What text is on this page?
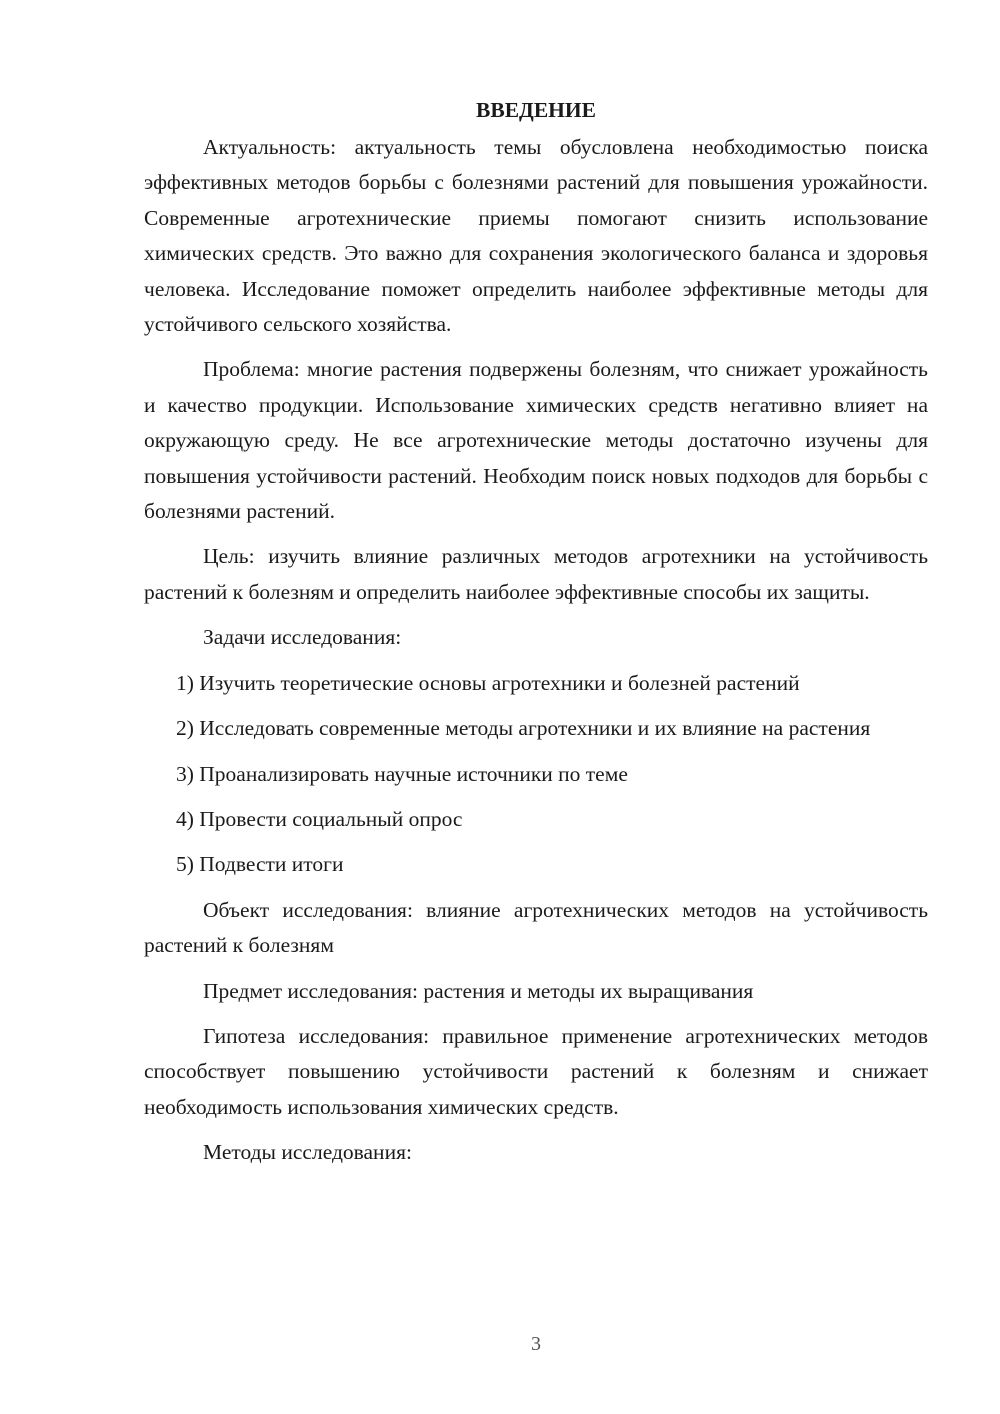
ВВЕДЕНИЕ

Актуальность: актуальность темы обусловлена необходимостью поиска эффективных методов борьбы с болезнями растений для повышения урожайности. Современные агротехнические приемы помогают снизить использование химических средств. Это важно для сохранения экологического баланса и здоровья человека. Исследование поможет определить наиболее эффективные методы для устойчивого сельского хозяйства.

Проблема: многие растения подвержены болезням, что снижает урожайность и качество продукции. Использование химических средств негативно влияет на окружающую среду. Не все агротехнические методы достаточно изучены для повышения устойчивости растений. Необходим поиск новых подходов для борьбы с болезнями растений.

Цель: изучить влияние различных методов агротехники на устойчивость растений к болезням и определить наиболее эффективные способы их защиты.

Задачи исследования:

1) Изучить теоретические основы агротехники и болезней растений

2) Исследовать современные методы агротехники и их влияние на растения

3) Проанализировать научные источники по теме

4) Провести социальный опрос

5) Подвести итоги

Объект исследования: влияние агротехнических методов на устойчивость растений к болезням

Предмет исследования: растения и методы их выращивания

Гипотеза исследования: правильное применение агротехнических методов способствует повышению устойчивости растений к болезням и снижает необходимость использования химических средств.

Методы исследования:

3
